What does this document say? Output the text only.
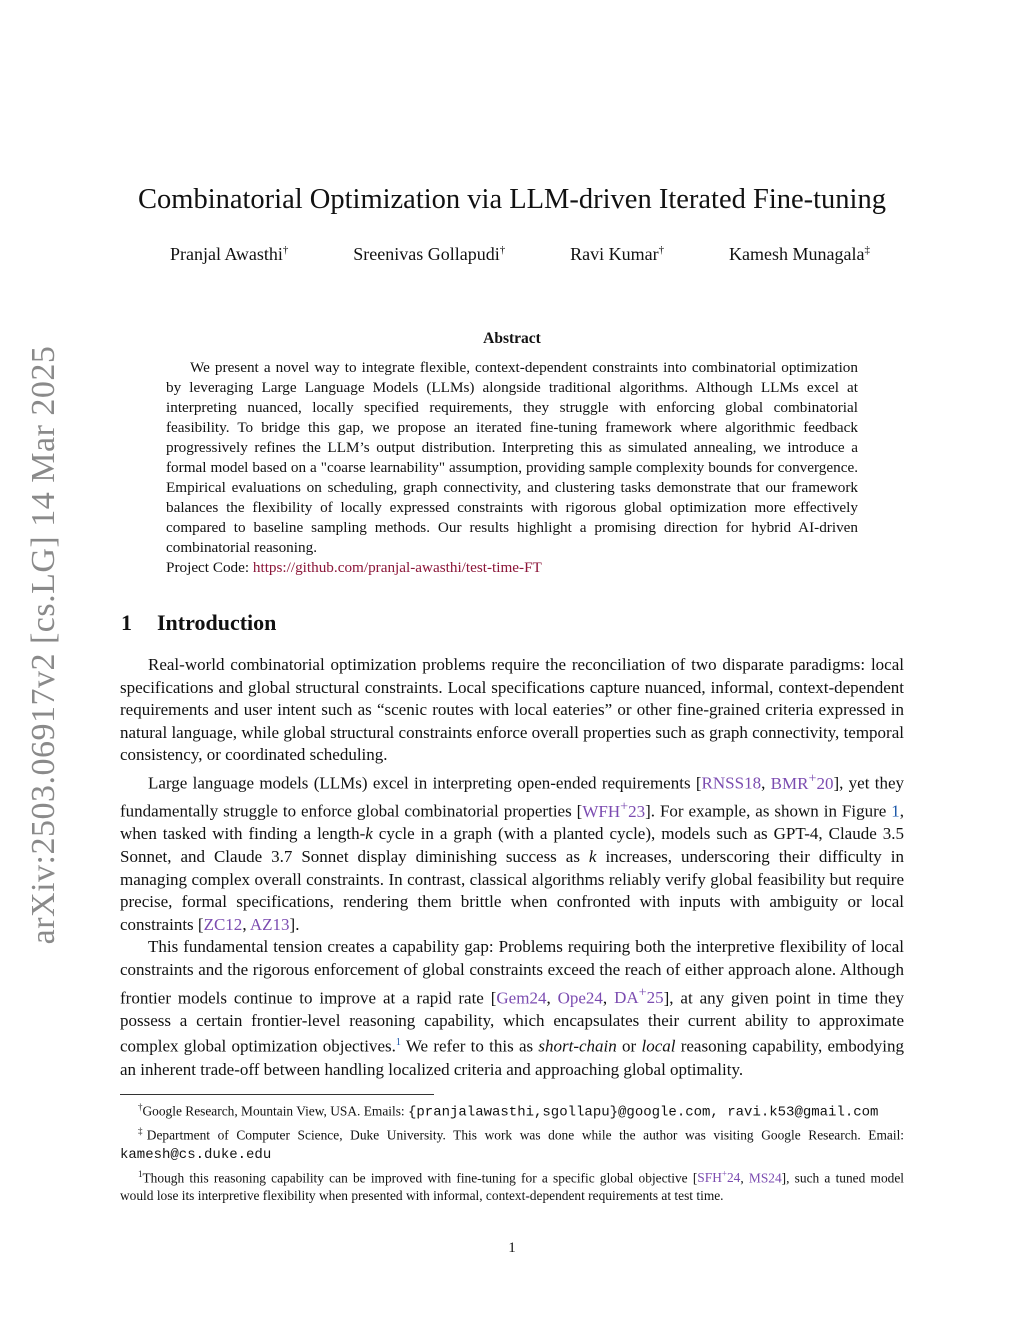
arXiv:2503.06917v2 [cs.LG] 14 Mar 2025
Combinatorial Optimization via LLM-driven Iterated Fine-tuning
Pranjal Awasthi†	Sreenivas Gollapudi†	Ravi Kumar†	Kamesh Munagala‡
Abstract

We present a novel way to integrate flexible, context-dependent constraints into combinatorial optimization by leveraging Large Language Models (LLMs) alongside traditional algorithms. Although LLMs excel at interpreting nuanced, locally specified requirements, they struggle with enforcing global combinatorial feasibility. To bridge this gap, we propose an iterated fine-tuning framework where algorithmic feedback progressively refines the LLM’s output distribution. Interpreting this as simulated annealing, we introduce a formal model based on a "coarse learnability" assumption, providing sample complexity bounds for convergence. Empirical evaluations on scheduling, graph connectivity, and clustering tasks demonstrate that our framework balances the flexibility of locally expressed constraints with rigorous global optimization more effectively compared to baseline sampling methods. Our results highlight a promising direction for hybrid AI-driven combinatorial reasoning.

Project Code: https://github.com/pranjal-awasthi/test-time-FT

1 Introduction

Real-world combinatorial optimization problems require the reconciliation of two disparate paradigms: local specifications and global structural constraints. Local specifications capture nuanced, informal, context-dependent requirements and user intent such as “scenic routes with local eateries” or other fine-grained criteria expressed in natural language, while global structural constraints enforce overall properties such as graph connectivity, temporal consistency, or coordinated scheduling.

Large language models (LLMs) excel in interpreting open-ended requirements [RNSS18, BMR+20], yet they fundamentally struggle to enforce global combinatorial properties [WFH+23]. For example, as shown in Figure 1, when tasked with finding a length-k cycle in a graph (with a planted cycle), models such as GPT-4, Claude 3.5 Sonnet, and Claude 3.7 Sonnet display diminishing success as k increases, underscoring their difficulty in managing complex overall constraints. In contrast, classical algorithms reliably verify global feasibility but require precise, formal specifications, rendering them brittle when confronted with inputs with ambiguity or local constraints [ZC12, AZ13].

This fundamental tension creates a capability gap: Problems requiring both the interpretive flexibility of local constraints and the rigorous enforcement of global constraints exceed the reach of either approach alone. Although frontier models continue to improve at a rapid rate [Gem24, Ope24, DA+25], at any given point in time they possess a certain frontier-level reasoning capability, which encapsulates their current ability to approximate complex global optimization objectives.$^1$ We refer to this as short-chain or local reasoning capability, embodying an inherent trade-off between handling localized criteria and approaching global optimality.

†Google Research, Mountain View, USA. Emails: {pranjalawasthi,sgollapu}@google.com, ravi.k53@gmail.com

‡Department of Computer Science, Duke University. This work was done while the author was visiting Google Research. Email: kamesh@cs.duke.edu

$^1$Though this reasoning capability can be improved with fine-tuning for a specific global objective [SFH+24, MS24], such a tuned model would lose its interpretive flexibility when presented with informal, context-dependent requirements at test time.

1
